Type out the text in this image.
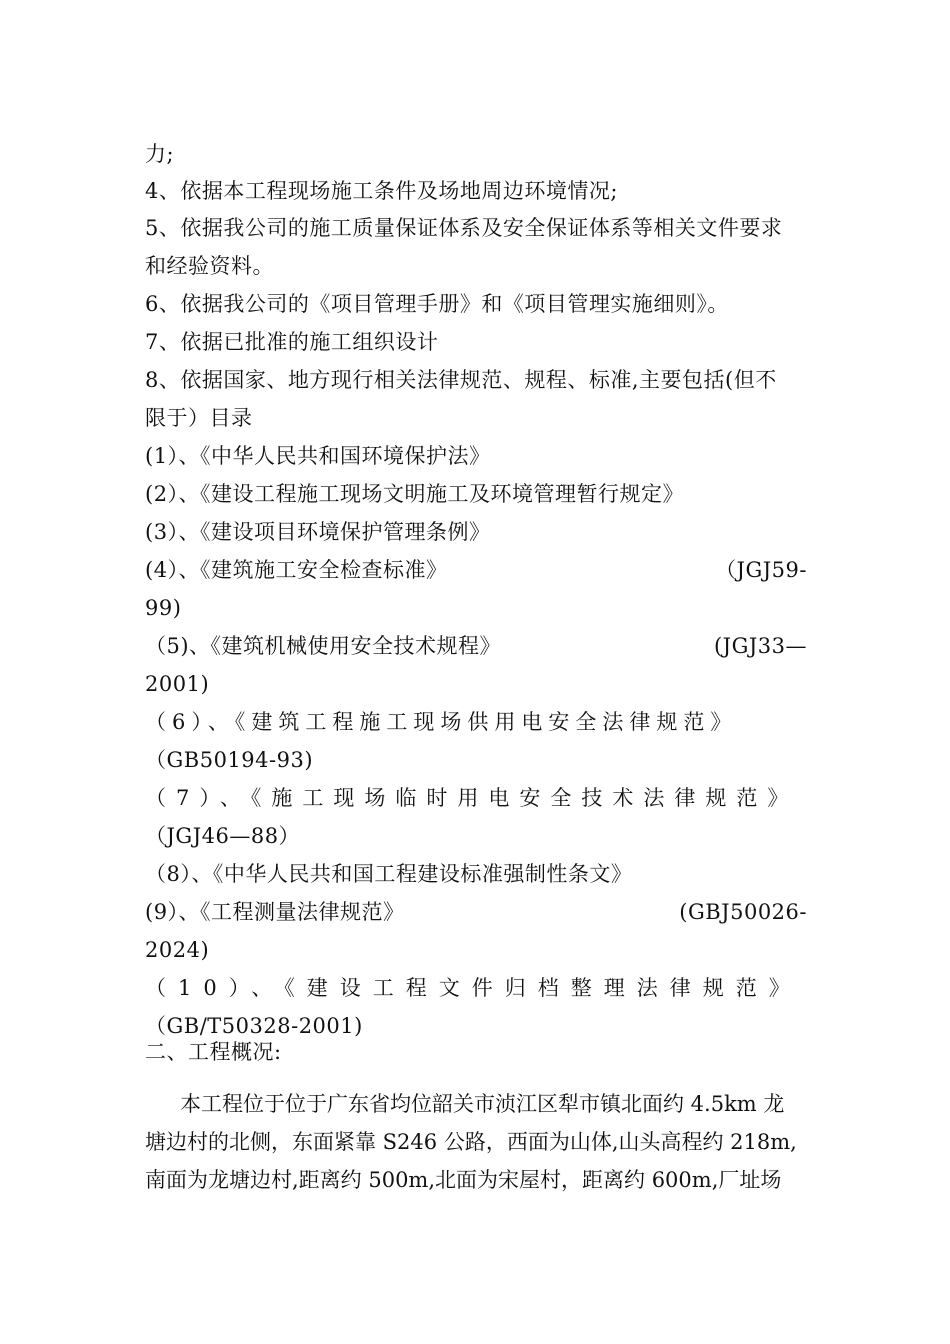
力;
4、依据本工程现场施工条件及场地周边环境情况;
5、依据我公司的施工质量保证体系及安全保证体系等相关文件要求
和经验资料。
6、依据我公司的《项目管理手册》和《项目管理实施细则》。
7、依据已批准的施工组织设计
8、依据国家、地方现行相关法律规范、规程、标准,主要包括(但不
限于）目录
(1）、《中华人民共和国环境保护法》
(2）、《建设工程施工现场文明施工及环境管理暂行规定》
(3）、《建设项目环境保护管理条例》
(4）、《建筑施工安全检查标准》	（JGJ59-
99)
（5)、《建筑机械使用安全技术规程》	(JGJ33—
2001)
（6）、《建筑工程施工现场供用电安全法律规范》
（GB50194-93)
（7）、《施工现场临时用电安全技术法律规范》
（JGJ46—88）
（8）、《中华人民共和国工程建设标准强制性条文》
(9）、《工程测量法律规范》	(GBJ50026-
2024)
（10）、《建设工程文件归档整理法律规范》
（GB/T50328-2001)
二、工程概况:
本工程位于位于广东省均位韶关市浈江区犁市镇北面约 4.5km 龙
塘边村的北侧，东面紧靠 S246 公路，西面为山体,山头高程约 218m,
南面为龙塘边村,距离约 500m,北面为宋屋村，距离约 600m,厂址场
